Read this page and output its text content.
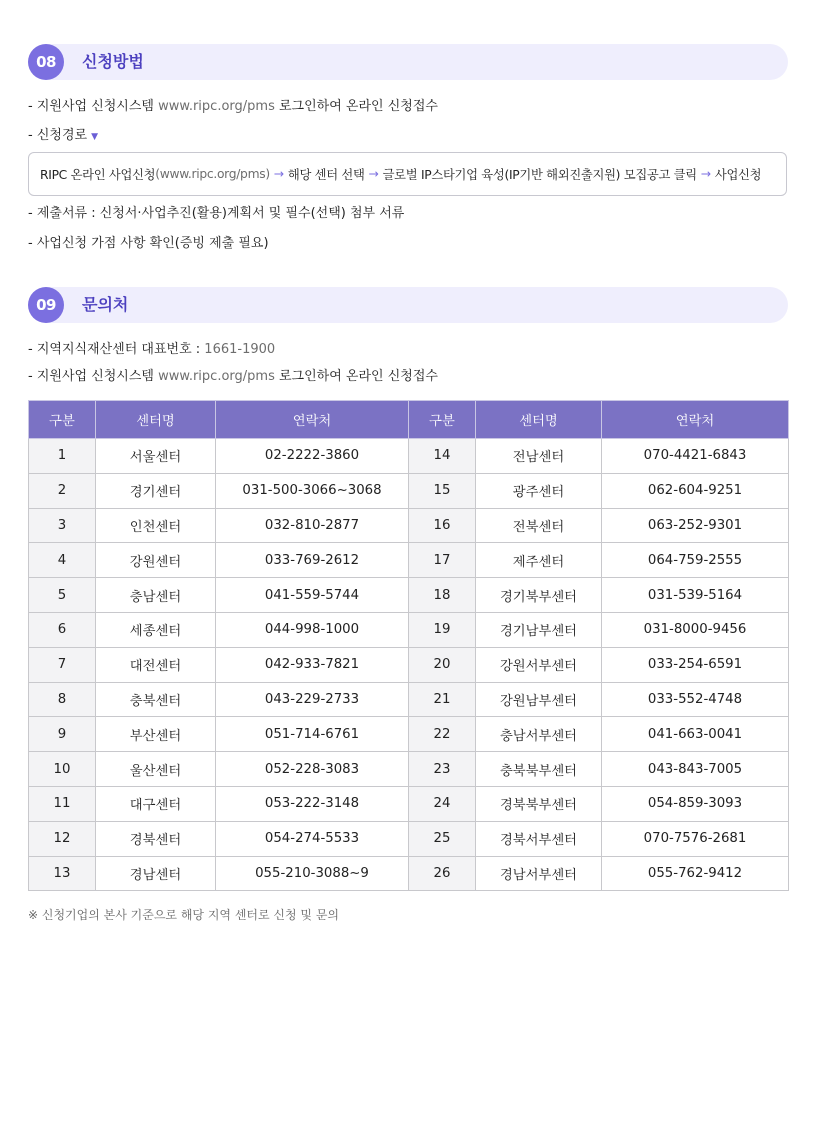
08	신청방법
- 지원사업 신청시스템 www.ripc.org/pms 로그인하여 온라인 신청접수
- 신청경로 ▼
RIPC 온라인 사업신청 (www.ripc.org/pms) → 해당 센터 선택 → 글로벌 IP스타기업 육성(IP기반 해외진출지원) 모집공고 클릭 → 사업신청
- 제출서류 : 신청서·사업추진(활용)계획서 및 필수(선택) 첨부 서류
- 사업신청 가점 사항 확인(증빙 제출 필요)
09	문의처
- 지역지식재산센터 대표번호 : 1661-1900
- 지원사업 신청시스템 www.ripc.org/pms 로그인하여 온라인 신청접수
구분	센터명	연락처	구분	센터명	연락처
1	서울센터	02-2222-3860	14	전남센터	070-4421-6843
2	경기센터	031-500-3066~3068	15	광주센터	062-604-9251
3	인천센터	032-810-2877	16	전북센터	063-252-9301
4	강원센터	033-769-2612	17	제주센터	064-759-2555
5	충남센터	041-559-5744	18	경기북부센터	031-539-5164
6	세종센터	044-998-1000	19	경기남부센터	031-8000-9456
7	대전센터	042-933-7821	20	강원서부센터	033-254-6591
8	충북센터	043-229-2733	21	강원남부센터	033-552-4748
9	부산센터	051-714-6761	22	충남서부센터	041-663-0041
10	울산센터	052-228-3083	23	충북북부센터	043-843-7005
11	대구센터	053-222-3148	24	경북북부센터	054-859-3093
12	경북센터	054-274-5533	25	경북서부센터	070-7576-2681
13	경남센터	055-210-3088~9	26	경남서부센터	055-762-9412
※ 신청기업의 본사 기준으로 해당 지역 센터로 신청 및 문의
